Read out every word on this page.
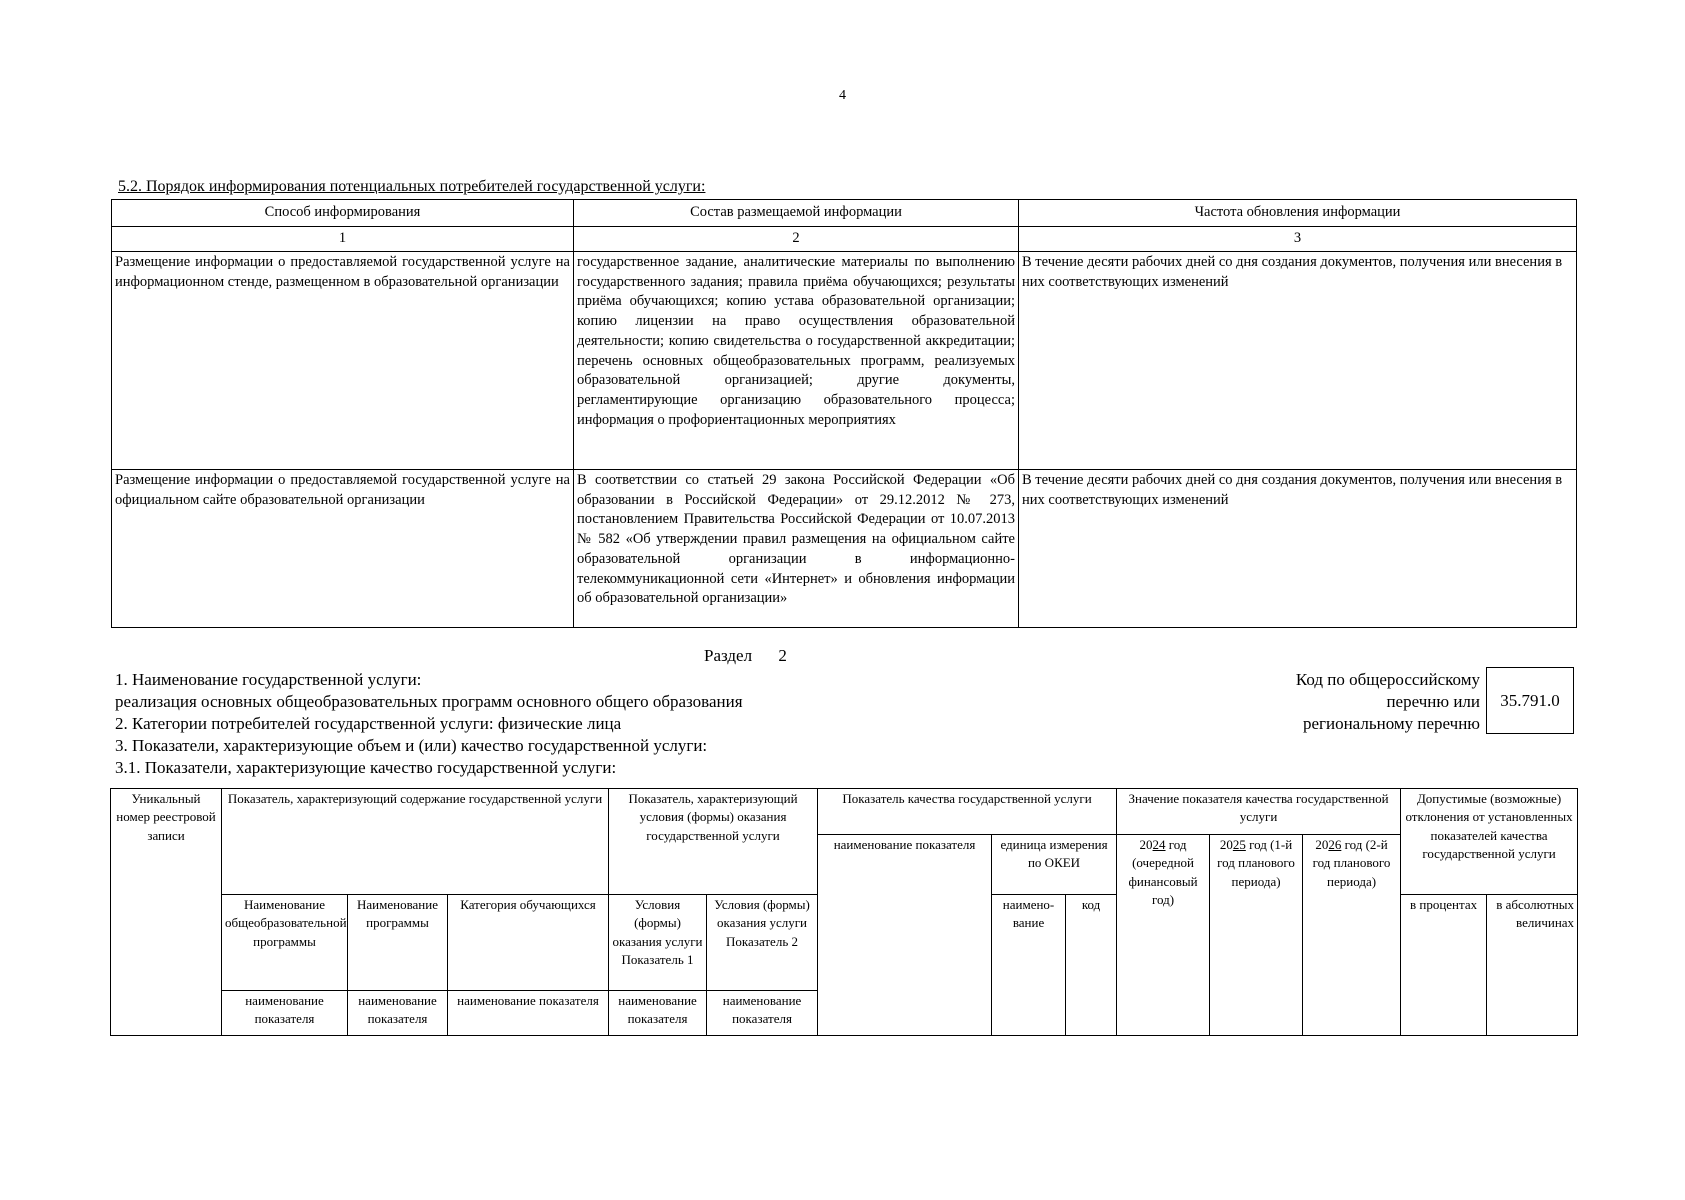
4
5.2. Порядок информирования потенциальных потребителей государственной услуги:
Способ информирования	Состав размещаемой информации	Частота обновления информации
1	2	3
Размещение информации о предоставляемой государственной услуге на информационном стенде, размещенном в образовательной организации	государственное задание, аналитические материалы по выполнению государственного задания; правила приёма обучающихся; результаты приёма обучающихся; копию устава образовательной организации; копию лицензии на право осуществления образовательной деятельности; копию свидетельства о государственной аккредитации; перечень основных общеобразовательных программ, реализуемых образовательной организацией; другие документы, регламентирующие организацию образовательного процесса; информация о профориентационных мероприятиях	В течение десяти рабочих дней со дня создания документов, получения или внесения в них соответствующих изменений
Размещение информации о предоставляемой государственной услуге на официальном сайте образовательной организации	В соответствии со статьей 29 закона Российской Федерации «Об образовании в Российской Федерации» от 29.12.2012 № 273, постановлением Правительства Российской Федерации от 10.07.2013 № 582 «Об утверждении правил размещения на официальном сайте образовательной организации в информационно-телекоммуникационной сети «Интернет» и обновления информации об образовательной организации»	В течение десяти рабочих дней со дня создания документов, получения или внесения в них соответствующих изменений
Раздел 2
1. Наименование государственной услуги:
реализация основных общеобразовательных программ основного общего образования
2. Категории потребителей государственной услуги: физические лица
3. Показатели, характеризующие объем и (или) качество государственной услуги:
3.1. Показатели, характеризующие качество государственной услуги:
Код по общероссийскому
перечню или
региональному перечню
35.791.0
Уникальный номер реестровой записи	Показатель, характеризующий содержание государственной услуги			Показатель, характеризующий условия (формы) оказания государственной услуги		Показатель качества государственной услуги			Значение показателя качества государственной услуги			Допустимые (возможные) отклонения от установленных показателей качества государственной услуги	
						наименование показателя	единица измерения по ОКЕИ		2024 год (очередной финансовый год)	2025 год (1-й год планового периода)	2026 год (2-й год планового периода)		
	Наименование общеобразовательной программы	Наименование программы	Категория обучающихся	Условия (формы) оказания услуги Показатель 1	Условия (формы) оказания услуги Показатель 2		наимено-вание	код				в процентах	в абсолютных величинах
	наименование показателя	наименование показателя	наименование показателя	наименование показателя	наименование показателя								
